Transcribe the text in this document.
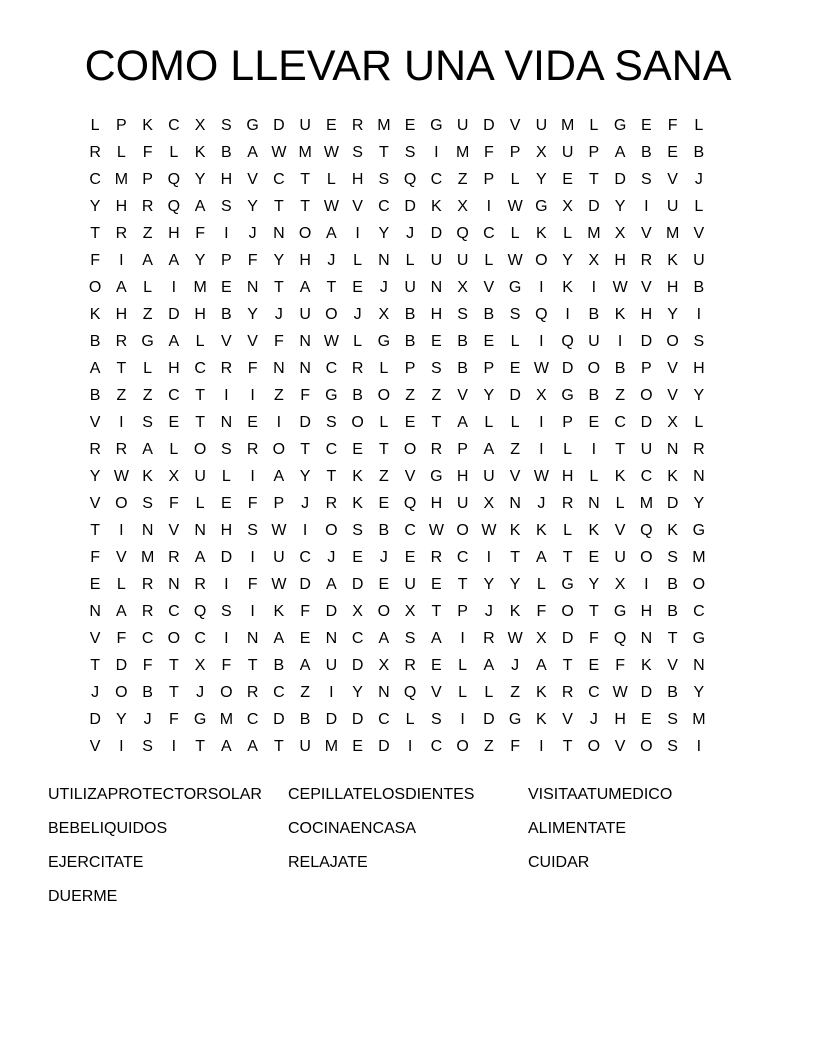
COMO LLEVAR UNA VIDA SANA
L	P K C X S G D U E R M E G U D V U M L G E	F	L
R	L	F	L	K B A W M W S	T	S	I	M F	P X U P A B E B
C M P Q Y H V C T	L	H S Q C Z	P	L	Y E	T D S V	J
Y H R Q A S Y	T	T W V C D K X	I	W G X D Y	I	U	L
T R Z H F	I	J	N O A	I	Y	J	D Q C	L	K	L M X V M V
F	I	A A Y P	F	Y H	J	L	N	L	U U	L W O Y X H R K U
O A	L	I	M E N T	A	T	E	J	U N X V G	I	K	I	W V H B
K H Z D H B Y	J	U O	J	X B H S B S Q	I	B K H Y	I
B R G A	L	V V	F N W L G B E B E	L	I	Q U	I	D O S
A	T	L	H C R F N N C R	L	P S B P E W D O B P V H
B	Z	Z C T	I	I	Z	F G B O Z	Z	V Y D X G B	Z O V Y
V	I	S E	T N E	I	D S O L	E	T	A	L	L	I	P E C D X	L
R R A	L O S R O T C E	T O R P A	Z	I	L	I	T U N R
Y W K X U	L	I	A Y	T	K	Z	V G H U V W H	L	K C K N
V O S	F	L	E	F	P	J	R K E Q H U X N	J	R N	L M D Y
T	I	N V N H S W	I	O S B C W O W K K	L	K V Q K G
F	V M R A D	I	U C	J	E	J	E R C	I	T	A	T	E U O S M
E	L	R N R	I	F W D A D E U E	T	Y Y	L G Y X	I	B O
N A R C Q S	I	K	F D X O X	T	P	J	K	F O T G H B C
V	F C O C	I	N A E N C A S A	I	R W X D F Q N T G
T D F	T	X	F	T	B A U D X R E	L	A	J	A	T	E	F	K V N
J	O B	T	J	O R C Z	I	Y N Q V	L	L	Z	K R C W D B Y
D Y	J	F G M C D B D D C	L	S	I	D G K V	J	H E S M
V	I	S	I	T	A A	T U M E D	I	C O Z	F	I	T O V O S	I
UTILIZAPROTECTORSOLAR	CEPILLATELOSDIENTES	VISITAATUMEDICO
BEBELIQUIDOS	COCINAENCASA	ALIMENTATE
EJERCITATE	RELAJATE	CUIDAR
DUERME
